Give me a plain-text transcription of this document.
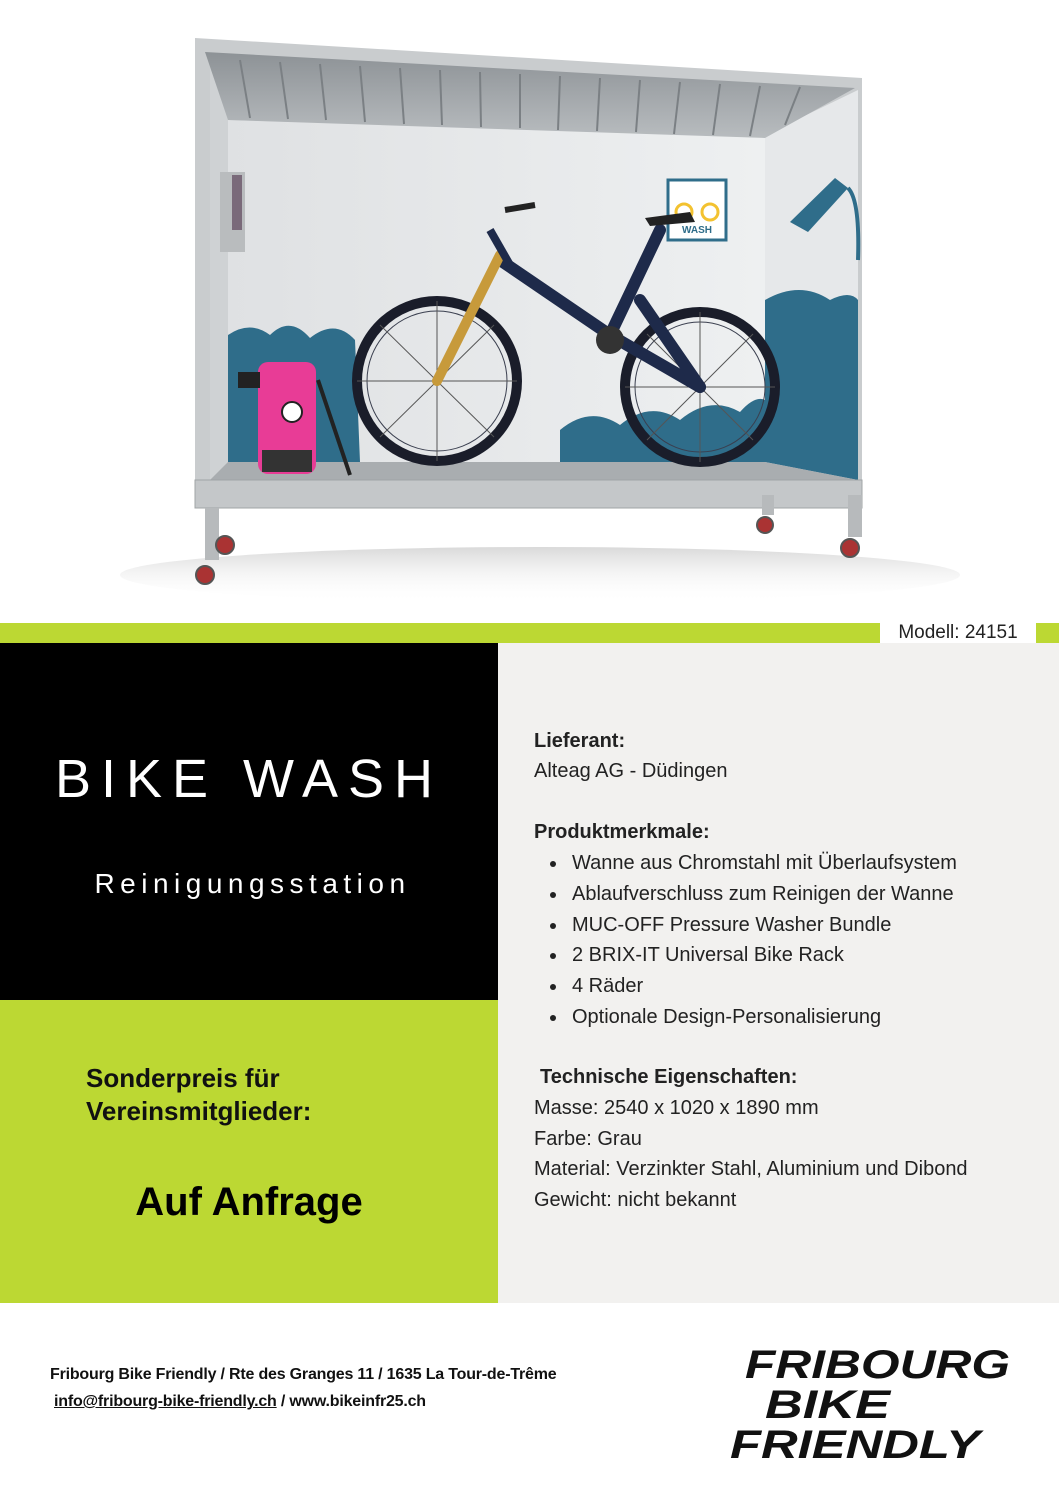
WASH
Modell: 24151
BIKE WASH

Reinigungsstation

Sonderpreis für
Vereinsmitglieder:

Auf Anfrage

Lieferant:

Alteag AG - Düdingen

Produktmerkmale:

Wanne aus Chromstahl mit Überlaufsystem
Ablaufverschluss zum Reinigen der Wanne
MUC-OFF Pressure Washer Bundle
2 BRIX-IT Universal Bike Rack
4 Räder
Optionale Design-Personalisierung

Technische Eigenschaften:

Masse: 2540 x 1020 x 1890 mm

Farbe: Grau

Material: Verzinkter Stahl, Aluminium und Dibond

Gewicht: nicht bekannt

Fribourg Bike Friendly / Rte des Granges 11 / 1635 La Tour-de-Trême
info@fribourg-bike-friendly.ch / www.bikeinfr25.ch
FRIBOURG
BIKE
FRIENDLY
